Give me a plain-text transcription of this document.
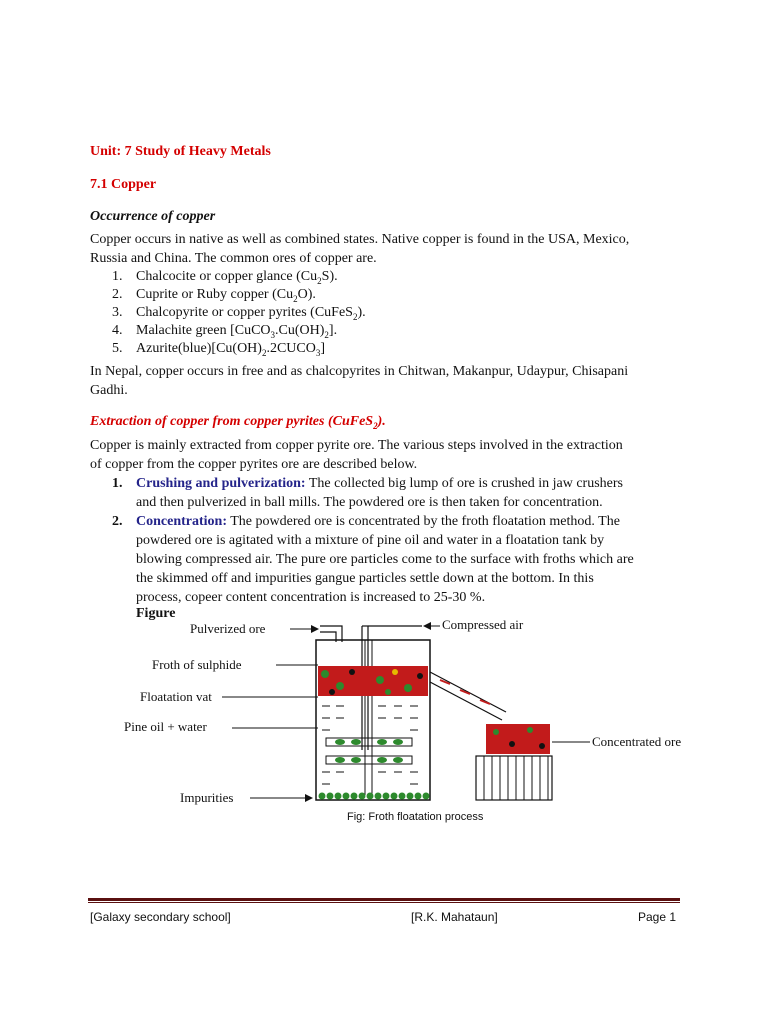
Unit: 7 Study of Heavy Metals
7.1 Copper
Occurrence of copper
Copper occurs in native as well as combined states. Native copper is found in the USA, Mexico,
Russia and China. The common ores of copper are.
1. Chalcocite or copper glance $(Cu_2S)$.
2. Cuprite or Ruby copper $(Cu_2O)$.
3. Chalcopyrite or copper pyrites (CuFeS$_2$).
4. Malachite green $[CuCO_3.Cu(OH)_2]$.
5. $Azurite(blue)[Cu(OH)_2.2CUCO_3]$
In Nepal, copper occurs in free and as chalcopyrites in Chitwan, Makanpur, Udaypur, Chisapani
Gadhi.
Extraction of copper from copper pyrites (CuFeS$_2$).
Copper is mainly extracted from copper pyrite ore. The various steps involved in the extraction
of copper from the copper pyrites ore are described below.
1. Crushing and pulverization: The collected big lump of ore is crushed in jaw crushers
and then pulverized in ball mills. The powdered ore is then taken for concentration.
2. Concentration: The powdered ore is concentrated by the froth floatation method. The
powdered ore is agitated with a mixture of pine oil and water in a floatation tank by
blowing compressed air. The pure ore particles come to the surface with froths which are
the skimmed off and impurities gangue particles settle down at the bottom. In this
process, copeer content concentration is increased to 25-30 %.
Figure
Pulverized ore	Compressed air
Froth of sulphide
Floatation vat
Pine oil + water
Concentrated ore
Impurities
Fig: Froth floatation process
[Galaxy secondary school]	[R.K. Mahataun]	Page 1
